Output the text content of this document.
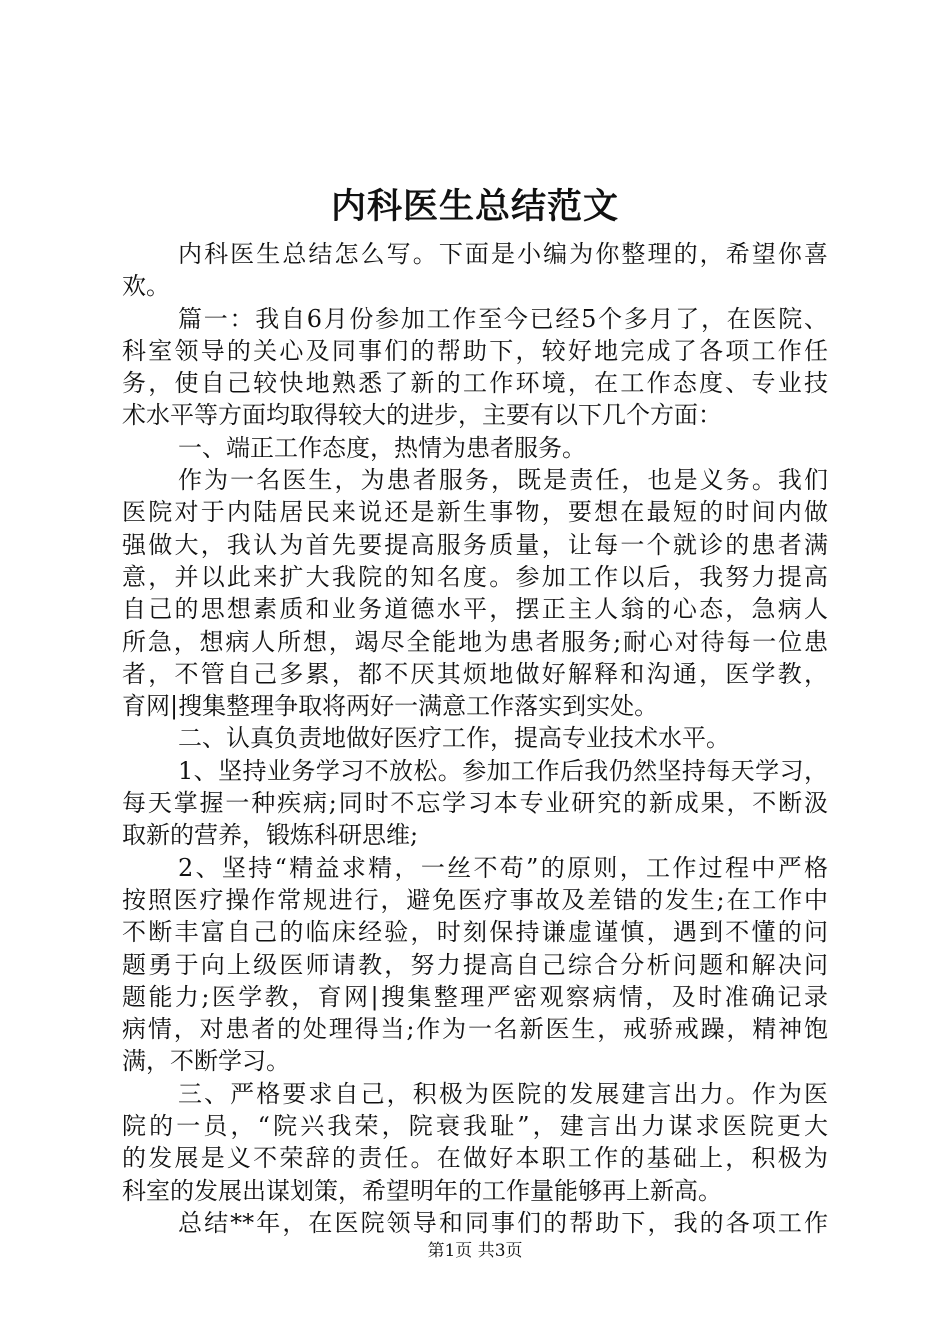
内科医生总结范文
内科医生总结怎么写。下面是小编为你整理的，希望你喜
欢。
篇一：我自6月份参加工作至今已经5个多月了，在医院、
科室领导的关心及同事们的帮助下，较好地完成了各项工作任
务，使自己较快地熟悉了新的工作环境，在工作态度、专业技
术水平等方面均取得较大的进步，主要有以下几个方面：
一、端正工作态度，热情为患者服务。
作为一名医生，为患者服务，既是责任，也是义务。我们
医院对于内陆居民来说还是新生事物，要想在最短的时间内做
强做大，我认为首先要提高服务质量，让每一个就诊的患者满
意，并以此来扩大我院的知名度。参加工作以后，我努力提高
自己的思想素质和业务道德水平，摆正主人翁的心态，急病人
所急，想病人所想，竭尽全能地为患者服务;耐心对待每一位患
者，不管自己多累，都不厌其烦地做好解释和沟通，医学教，
育网|搜集整理争取将两好一满意工作落实到实处。
二、认真负责地做好医疗工作，提高专业技术水平。
1、坚持业务学习不放松。参加工作后我仍然坚持每天学习，
每天掌握一种疾病;同时不忘学习本专业研究的新成果，不断汲
取新的营养，锻炼科研思维;
2、坚持“精益求精，一丝不苟”的原则，工作过程中严格
按照医疗操作常规进行，避免医疗事故及差错的发生;在工作中
不断丰富自己的临床经验，时刻保持谦虚谨慎，遇到不懂的问
题勇于向上级医师请教，努力提高自己综合分析问题和解决问
题能力;医学教，育网|搜集整理严密观察病情，及时准确记录
病情，对患者的处理得当;作为一名新医生，戒骄戒躁，精神饱
满，不断学习。
三、严格要求自己，积极为医院的发展建言出力。作为医
院的一员，“院兴我荣，院衰我耻”，建言出力谋求医院更大
的发展是义不荣辞的责任。在做好本职工作的基础上，积极为
科室的发展出谋划策，希望明年的工作量能够再上新高。
总结**年，在医院领导和同事们的帮助下，我的各项工作
第1页 共3页
